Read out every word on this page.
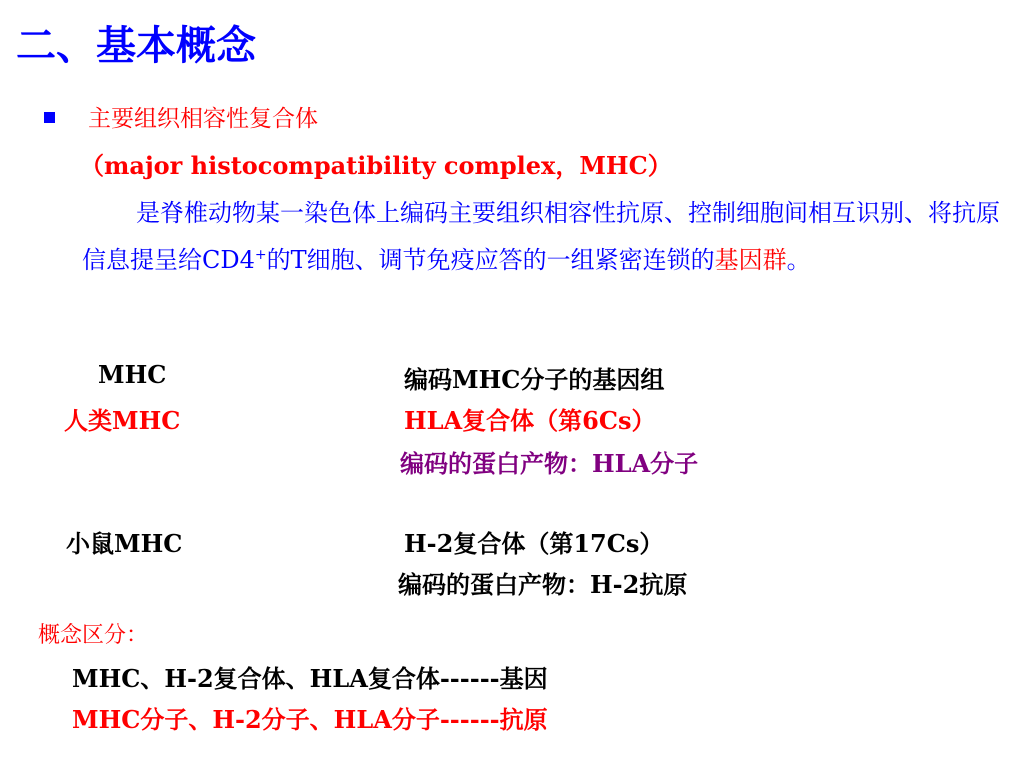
二、基本概念
主要组织相容性复合体
（major histocompatibility complex，MHC）
是脊椎动物某一染色体上编码主要组织相容性抗原、控制细胞间相互识别、将抗原信息提呈给CD4+的T细胞、调节免疫应答的一组紧密连锁的基因群。
MHC	编码MHC分子的基因组
人类MHC	HLA复合体（第6Cs）
编码的蛋白产物：HLA分子
小鼠MHC	H-2复合体（第17Cs）
编码的蛋白产物：H-2抗原
概念区分：
MHC、H-2复合体、HLA复合体------基因
MHC分子、H-2分子、HLA分子------抗原
